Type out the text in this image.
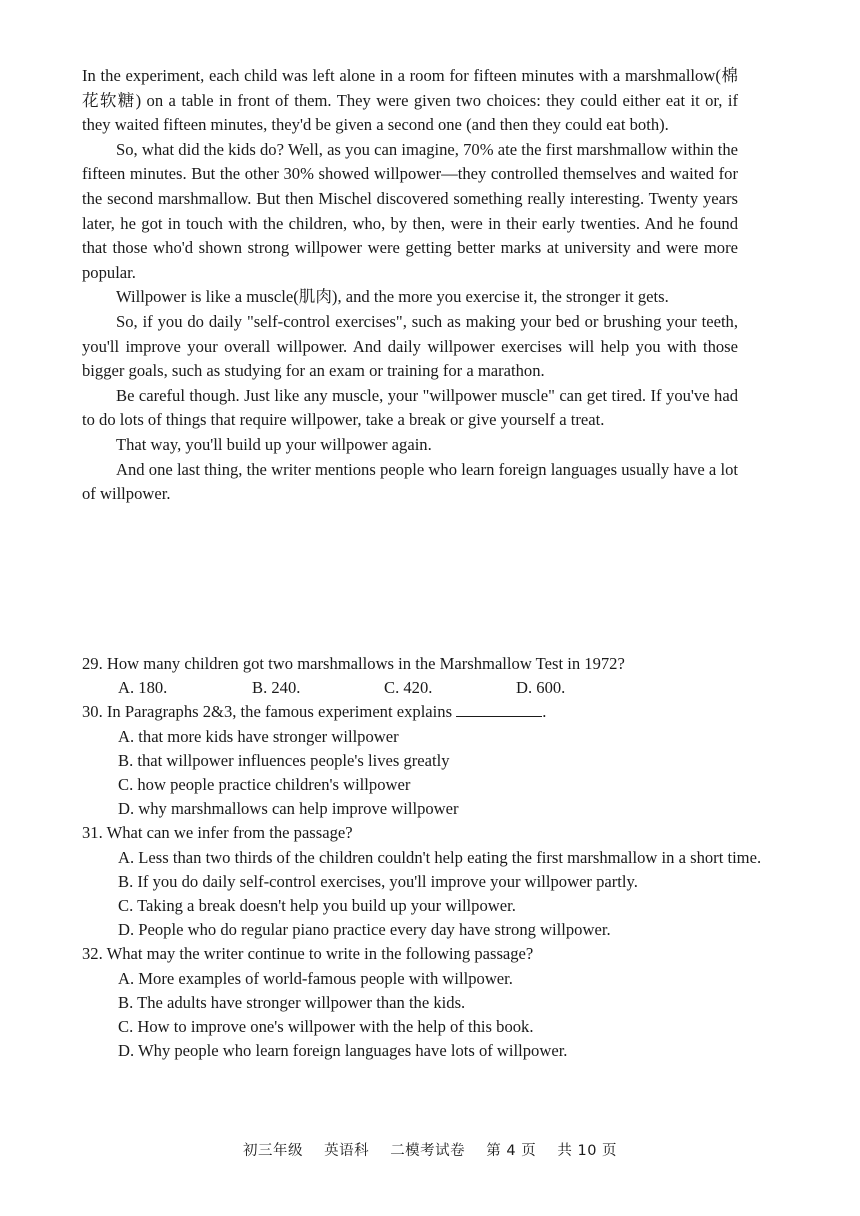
In the experiment, each child was left alone in a room for fifteen minutes with a marshmallow(棉花软糖) on a table in front of them. They were given two choices: they could either eat it or, if they waited fifteen minutes, they'd be given a second one (and then they could eat both).

So, what did the kids do? Well, as you can imagine, 70% ate the first marshmallow within the fifteen minutes. But the other 30% showed willpower—they controlled themselves and waited for the second marshmallow. But then Mischel discovered something really interesting. Twenty years later, he got in touch with the children, who, by then, were in their early twenties. And he found that those who'd shown strong willpower were getting better marks at university and were more popular.

Willpower is like a muscle(肌肉), and the more you exercise it, the stronger it gets.

So, if you do daily "self-control exercises", such as making your bed or brushing your teeth, you'll improve your overall willpower. And daily willpower exercises will help you with those bigger goals, such as studying for an exam or training for a marathon.

Be careful though. Just like any muscle, your "willpower muscle" can get tired. If you've had to do lots of things that require willpower, take a break or give yourself a treat.

That way, you'll build up your willpower again.

And one last thing, the writer mentions people who learn foreign languages usually have a lot of willpower.

29. How many children got two marshmallows in the Marshmallow Test in 1972?

A. 180.	B. 240.	C. 420.	D. 600.

30. In Paragraphs 2&3, the famous experiment explains	.

A. that more kids have stronger willpower

B. that willpower influences people's lives greatly

C. how people practice children's willpower

D. why marshmallows can help improve willpower

31. What can we infer from the passage?

A. Less than two thirds of the children couldn't help eating the first marshmallow in a short time.

B. If you do daily self-control exercises, you'll improve your willpower partly.

C. Taking a break doesn't help you build up your willpower.

D. People who do regular piano practice every day have strong willpower.

32. What may the writer continue to write in the following passage?

A. More examples of world-famous people with willpower.

B. The adults have stronger willpower than the kids.

C. How to improve one's willpower with the help of this book.

D. Why people who learn foreign languages have lots of willpower.

初三年级 英语科 二模考试卷 第 4 页 共 10 页
